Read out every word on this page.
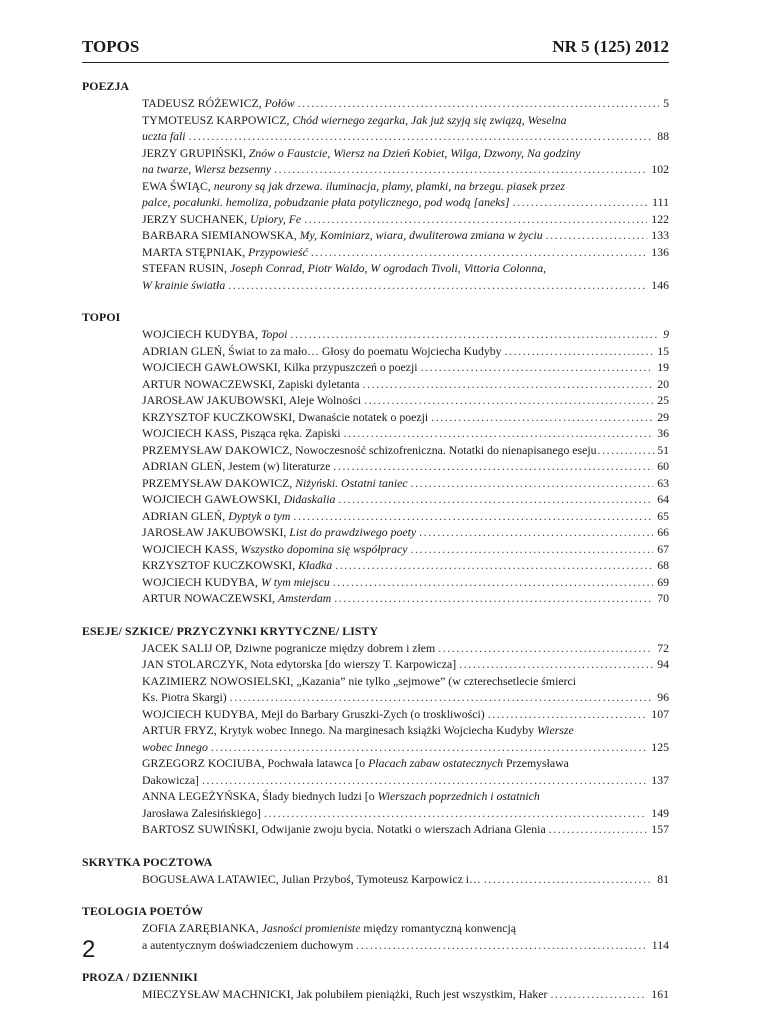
TOPOS	NR 5 (125) 2012
POEZJA
TADEUSZ RÓŻEWICZ, Połów .....	5
TYMOTEUSZ KARPOWICZ, Chód wiernego zegarka, Jak już szyją się związą, Weselna
uczta fali .....	88
JERZY GRUPIŃSKI, Znów o Faustcie, Wiersz na Dzień Kobiet, Wilga, Dzwony, Na godziny
na twarze, Wiersz bezsenny .....	102
EWA ŚWIĄC, neurony są jak drzewa. iluminacja, plamy, plamki, na brzegu. piasek przez
palce, pocałunki. hemoliza, pobudzanie płata potylicznego, pod wodą [aneks] .....	111
JERZY SUCHANEK, Upiory, Fe .....	122
BARBARA SIEMIANOWSKA, My, Kominiarz, wiara, dwuliterowa zmiana w życiu .....	133
MARTA STĘPNIAK, Przypowieść .....	136
STEFAN RUSIN, Joseph Conrad, Piotr Waldo, W ogrodach Tivoli, Vittoria Colonna,
W krainie światła .....	146
TOPOI
WOJCIECH KUDYBA, Topoi .....	9
ADRIAN GLEŃ, Świat to za mało… Głosy do poematu Wojciecha Kudyby .....	15
WOJCIECH GAWŁOWSKI, Kilka przypuszczeń o poezji .....	19
ARTUR NOWACZEWSKI, Zapiski dyletanta .....	20
JAROSŁAW JAKUBOWSKI, Aleje Wolności .....	25
KRZYSZTOF KUCZKOWSKI, Dwanaście notatek o poezji .....	29
WOJCIECH KASS, Pisząca ręka. Zapiski .....	36
PRZEMYSŁAW DAKOWICZ, Nowoczesność schizofreniczna. Notatki do nienapisanego eseju .....	51
ADRIAN GLEŃ, Jestem (w) literaturze .....	60
PRZEMYSŁAW DAKOWICZ, Niżyński. Ostatni taniec .....	63
WOJCIECH GAWŁOWSKI, Didaskalia .....	64
ADRIAN GLEŃ, Dyptyk o tym .....	65
JAROSŁAW JAKUBOWSKI, List do prawdziwego poety .....	66
WOJCIECH KASS, Wszystko dopomina się współpracy .....	67
KRZYSZTOF KUCZKOWSKI, Kładka .....	68
WOJCIECH KUDYBA, W tym miejscu .....	69
ARTUR NOWACZEWSKI, Amsterdam .....	70
ESEJE/ SZKICE/ PRZYCZYNKI KRYTYCZNE/ LISTY
JACEK SALIJ OP, Dziwne pogranicze między dobrem i złem .....	72
JAN STOLARCZYK, Nota edytorska [do wierszy T. Karpowicza] .....	94
KAZIMIERZ NOWOSIELSKI, „Kazania” nie tylko „sejmowe” (w czterechsetlecie śmierci
Ks. Piotra Skargi) .....	96
WOJCIECH KUDYBA, Mejl do Barbary Gruszki-Zych (o troskliwości) .....	107
ARTUR FRYZ, Krytyk wobec Innego. Na marginesach książki Wojciecha Kudyby Wiersze
wobec Innego .....	125
GRZEGORZ KOCIUBA, Pochwała latawca [o Placach zabaw ostatecznych Przemysława
Dakowicza] .....	137
ANNA LEGEŻYŃSKA, Ślady biednych ludzi [o Wierszach poprzednich i ostatnich
Jarosława Zalesińskiego] .....	149
BARTOSZ SUWIŃSKI, Odwijanie zwoju bycia. Notatki o wierszach Adriana Glenia .....	157
SKRYTKA POCZTOWA
BOGUSŁAWA LATAWIEC, Julian Przyboś, Tymoteusz Karpowicz i… .....	81
TEOLOGIA POETÓW
ZOFIA ZARĘBIANKA, Jasności promieniste między romantyczną konwencją
a autentycznym doświadczeniem duchowym .....	114
PROZA / DZIENNIKI
MIECZYSŁAW MACHNICKI, Jak polubiłem pieniążki, Ruch jest wszystkim, Haker .....	161
2
